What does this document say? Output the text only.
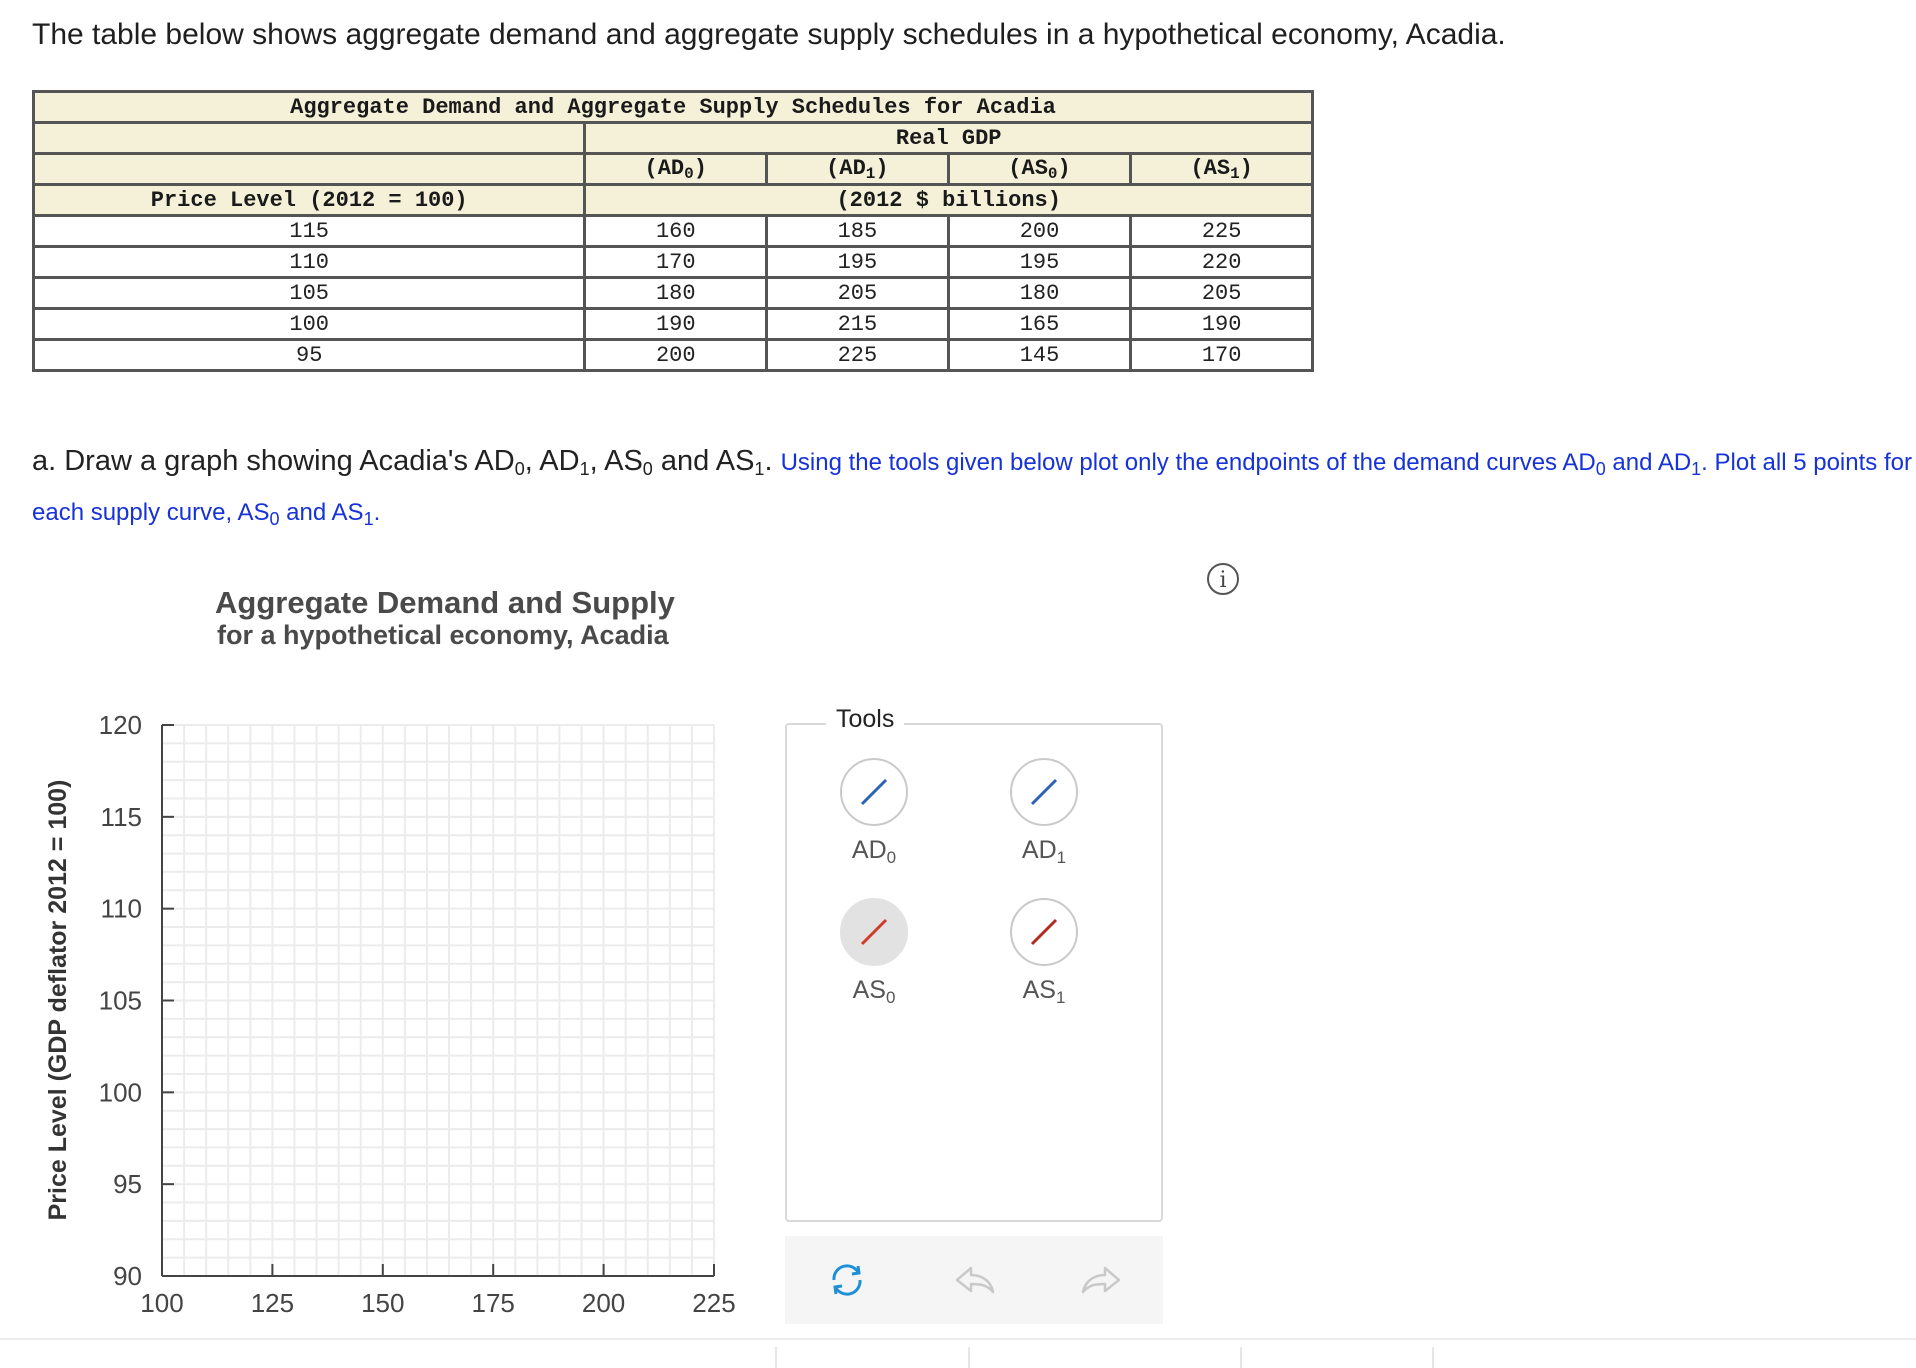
The table below shows aggregate demand and aggregate supply schedules in a hypothetical economy, Acadia.
Aggregate Demand and Aggregate Supply Schedules for Acadia				
	Real GDP			
	$(AD_0)$	$(AD_1)$	$(AS_0)$	$(AS_1)$
Price Level (2012 = 100)	(2012 $ billions)			
115	160	185	200	225
110	170	195	195	220
105	180	205	180	205
100	190	215	165	190
95	200	225	145	170
a. Draw a graph showing Acadia's $AD_0$, $AD_1$, $AS_0$ and $AS_1$. Using the tools given below plot only the endpoints of the demand curves $AD_0$ and $AD_1$. Plot all 5 points for each supply curve, $AS_0$ and $AS_1$.
i
Aggregate Demand and Supply
for a hypothetical economy, Acadia
100	125	150	175	200	225
120
115
110
105
100
95
90
Price Level (GDP deflator 2012 = 100)
Tools
$AD_0$	$AD_1$
$AS_0$	$AS_1$
